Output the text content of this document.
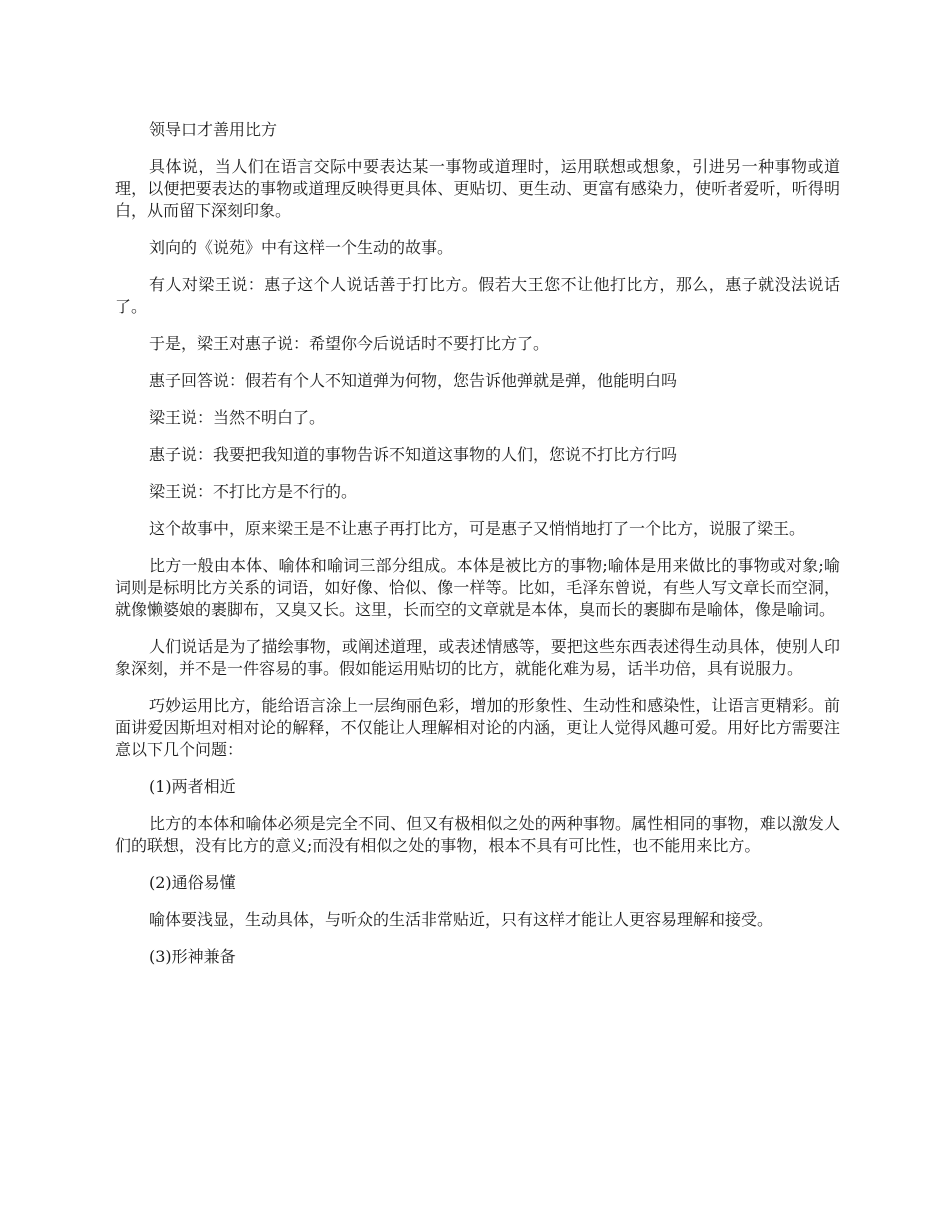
领导口才善用比方

具体说，当人们在语言交际中要表达某一事物或道理时，运用联想或想象，引进另一种事物或道理，以便把要表达的事物或道理反映得更具体、更贴切、更生动、更富有感染力，使听者爱听，听得明白，从而留下深刻印象。

刘向的《说苑》中有这样一个生动的故事。

有人对梁王说：惠子这个人说话善于打比方。假若大王您不让他打比方，那么，惠子就没法说话了。

于是，梁王对惠子说：希望你今后说话时不要打比方了。

惠子回答说：假若有个人不知道弹为何物，您告诉他弹就是弹，他能明白吗

梁王说：当然不明白了。

惠子说：我要把我知道的事物告诉不知道这事物的人们，您说不打比方行吗

梁王说：不打比方是不行的。

这个故事中，原来梁王是不让惠子再打比方，可是惠子又悄悄地打了一个比方，说服了梁王。

比方一般由本体、喻体和喻词三部分组成。本体是被比方的事物;喻体是用来做比的事物或对象;喻词则是标明比方关系的词语，如好像、恰似、像一样等。比如，毛泽东曾说，有些人写文章长而空洞，就像懒婆娘的裹脚布，又臭又长。这里，长而空的文章就是本体，臭而长的裹脚布是喻体，像是喻词。

人们说话是为了描绘事物，或阐述道理，或表述情感等，要把这些东西表述得生动具体，使别人印象深刻，并不是一件容易的事。假如能运用贴切的比方，就能化难为易，话半功倍，具有说服力。

巧妙运用比方，能给语言涂上一层绚丽色彩，增加的形象性、生动性和感染性，让语言更精彩。前面讲爱因斯坦对相对论的解释，不仅能让人理解相对论的内涵，更让人觉得风趣可爱。用好比方需要注意以下几个问题：

(1)两者相近

比方的本体和喻体必须是完全不同、但又有极相似之处的两种事物。属性相同的事物，难以激发人们的联想，没有比方的意义;而没有相似之处的事物，根本不具有可比性，也不能用来比方。

(2)通俗易懂

喻体要浅显，生动具体，与听众的生活非常贴近，只有这样才能让人更容易理解和接受。

(3)形神兼备
